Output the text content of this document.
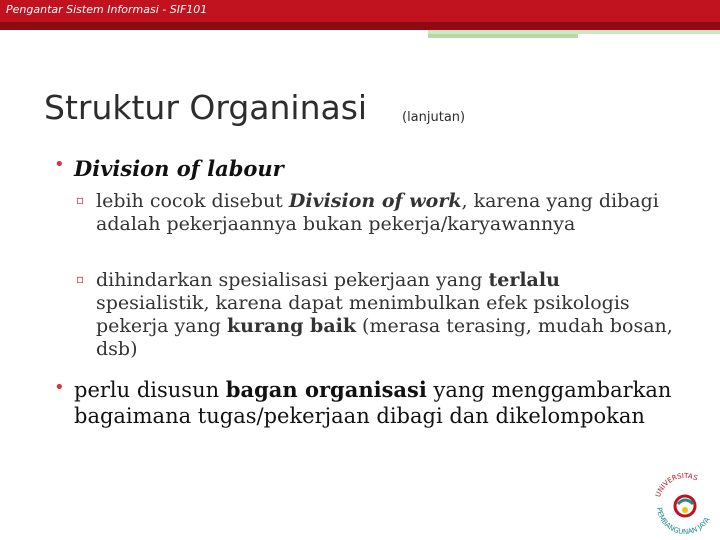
Pengantar Sistem Informasi - SIF101
Struktur Organinasi	(lanjutan)
• Division of labour
▫ lebih cocok disebut Division of work, karena yang dibagi adalah pekerjaannya bukan pekerja/karyawannya
▫ dihindarkan spesialisasi pekerjaan yang terlalu spesialistik, karena dapat menimbulkan efek psikologis pekerja yang kurang baik (merasa terasing, mudah bosan, dsb)
• perlu disusun bagan organisasi yang menggambarkan bagaimana tugas/pekerjaan dibagi dan dikelompokan
UNIVERSITAS
PEMBANGUNAN JAYA
